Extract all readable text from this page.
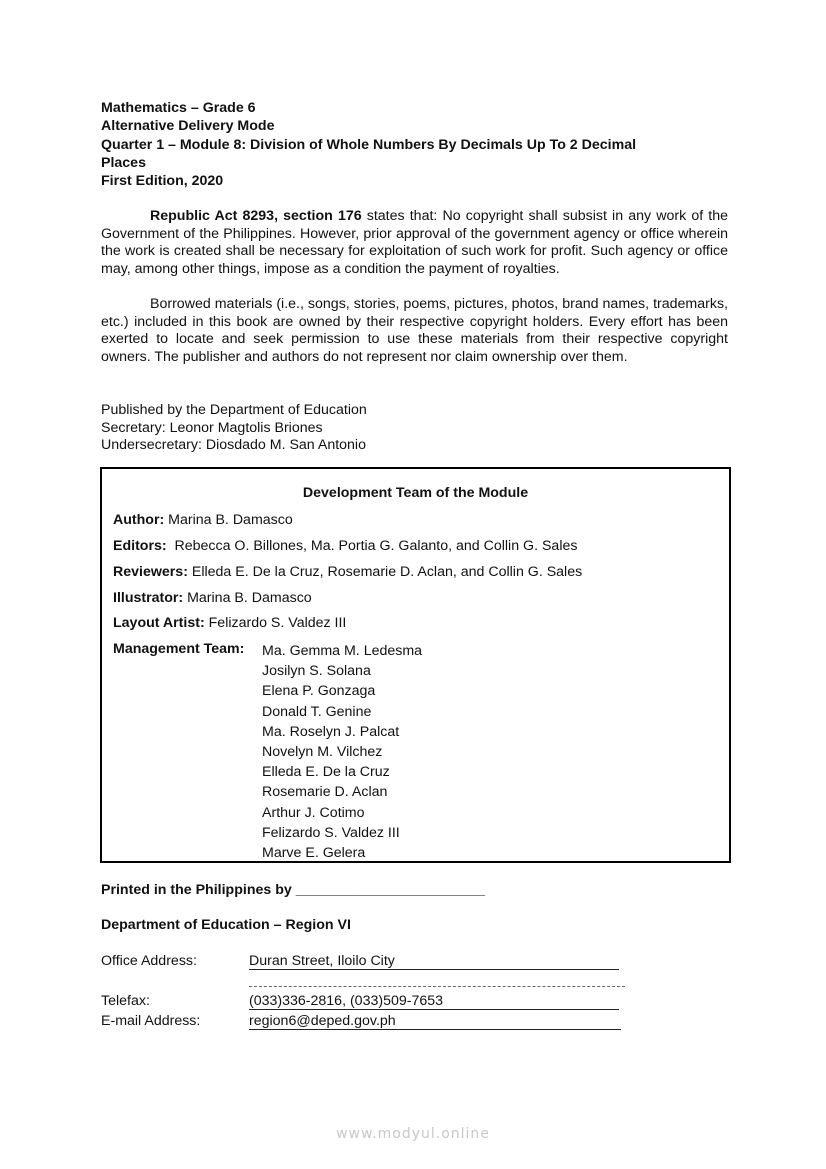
Mathematics – Grade 6
Alternative Delivery Mode
Quarter 1 – Module 8: Division of Whole Numbers By Decimals Up To 2 Decimal
Places
First Edition, 2020
Republic Act 8293, section 176 states that: No copyright shall subsist in any work of the Government of the Philippines. However, prior approval of the government agency or office wherein the work is created shall be necessary for exploitation of such work for profit. Such agency or office may, among other things, impose as a condition the payment of royalties.
Borrowed materials (i.e., songs, stories, poems, pictures, photos, brand names, trademarks, etc.) included in this book are owned by their respective copyright holders. Every effort has been exerted to locate and seek permission to use these materials from their respective copyright owners. The publisher and authors do not represent nor claim ownership over them.
Published by the Department of Education
Secretary: Leonor Magtolis Briones
Undersecretary: Diosdado M. San Antonio
Development Team of the Module
Author: Marina B. Damasco
Editors:  Rebecca O. Billones, Ma. Portia G. Galanto, and Collin G. Sales
Reviewers: Elleda E. De la Cruz, Rosemarie D. Aclan, and Collin G. Sales
Illustrator: Marina B. Damasco
Layout Artist: Felizardo S. Valdez III
Management Team: Ma. Gemma M. Ledesma
Josilyn S. Solana
Elena P. Gonzaga
Donald T. Genine
Ma. Roselyn J. Palcat
Novelyn M. Vilchez
Elleda E. De la Cruz
Rosemarie D. Aclan
Arthur J. Cotimo
Felizardo S. Valdez III
Marve E. Gelera
Printed in the Philippines by ________________________
Department of Education – Region VI
Office Address:	Duran Street, Iloilo City
Telefax:	(033)336-2816, (033)509-7653
E-mail Address:	region6@deped.gov.ph
www.modyul.online
